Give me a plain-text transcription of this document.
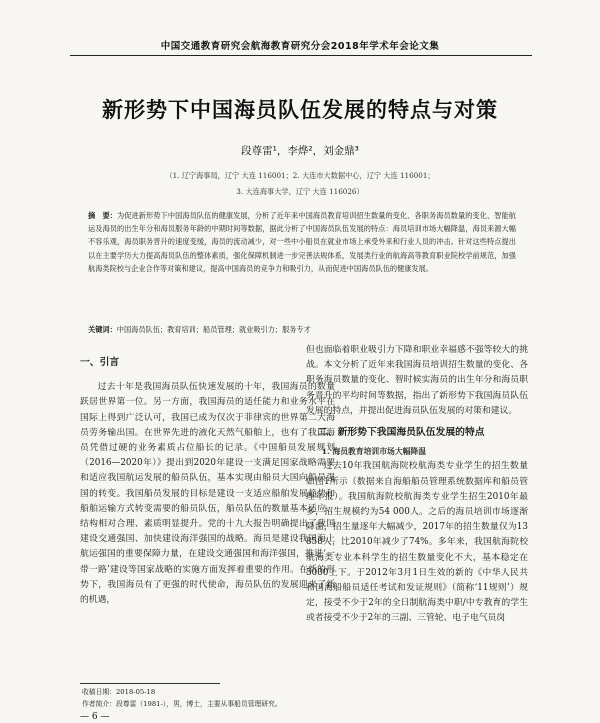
中国交通教育研究会航海教育研究分会2018年学术年会论文集
新形势下中国海员队伍发展的特点与对策
段尊雷¹，李烨²，刘金鼎³
（1. 辽宁海事局，辽宁 大连 116001；2. 大连市大数据中心，辽宁 大连 116001；
3. 大连海事大学，辽宁 大连 116026）
摘　要：为促进新形势下中国海员队伍的健康发展，分析了近年来中国海员教育培训招生数量的变化、各职务海员数量的变化、智能航运及海员的出生年分和海员服务年龄的中期时间等数据，据此分析了中国海员队伍发展的特点：海员培训市场大幅降温，海员来源大幅不容乐观，海员职务晋升的速度变缓，海员的流动减少，对一些中小船员在就业市场上承受外来和行业人员的冲击。针对这些特点提出以在主要学历大力提高海员队伍的整体素质，强化保障机制进一步完善法规体系，发展类行业的航海高等教育职业院校学前规范，加强航海类院校与企业合作等对策和建议，提高中国海员的竞争力和吸引力，从而促进中国海员队伍的健康发展。
关键词：中国海员队伍；教育培训；船员管理；就业吸引力；服务专才

一、引言

过去十年是我国海员队伍快速发展的十年，我国海员的数量跃居世界第一位。另一方面，我国海员的适任能力和业务水平在国际上得到广泛认可，我国已成为仅次于菲律宾的世界第二大海员劳务输出国。在世界先进的液化天然气船舶上，也有了我国海员凭借过硬的业务素质占位船长的记录。《中国船员发展规划（2016—2020年）》提出到2020年建设一支满足国家战略需要和适应我国航运发展的船员队伍，基本实现由船员大国向船员强国的转变。我国船员发展的目标是建设一支适应船舶发展趋势和船舶运输方式转变需要的船员队伍，船员队伍的数量基本适应、结构相对合理、素质明显提升。党的十九大报告明确提出了我国建设交通强国、加快建设海洋强国的战略。海员是建设我国海上航运强国的重要保障力量，在建设交通强国和海洋强国，推进‘一带一路’建设等国家战略的实施方面发挥着重要的作用。在新的形势下，我国海员有了更强的时代使命，海员队伍的发展迎来了新的机遇，

但也面临着职业吸引力下降和职业幸福感不强等较大的挑战。本文分析了近年来我国海员培训招生数量的变化、各职务海员数量的变化、智时候实海员的出生年分和海员职务晋升的平均时间等数据，指出了新形势下我国海员队伍发展的特点，并提出促进海员队伍发展的对策和建议。

二、新形势下我国海员队伍发展的特点

1. 海员教育培训市场大幅降温

过去10年我国航海院校航海类专业学生的招生数量如图1所示（数据来自海船船员管理系统数据库和船员管理年报）。我国航海院校航海类专业学生招生2010年最多，招生规模约为54 000人。之后的海员培训市场逐渐降温，招生量逐年大幅减少，2017年的招生数量仅为13 858人，比2010年减少了74%。多年来，我国航海院校航海类专业本科学生的招生数量变化不大，基本稳定在5000上下。于2012年3月1日生效的新的《中华人民共和国海船船员适任考试和发证规则》（简称‘11规则’）规定，接受不少于2年的全日制航海类中职/中专教育的学生或者接受不少于2年的三副、三管轮、电子电气员岗

收稿日期：2018-05-18
作者简介：段尊雷（1981-），男，博士，主要从事船员管理研究。
— 6 —
